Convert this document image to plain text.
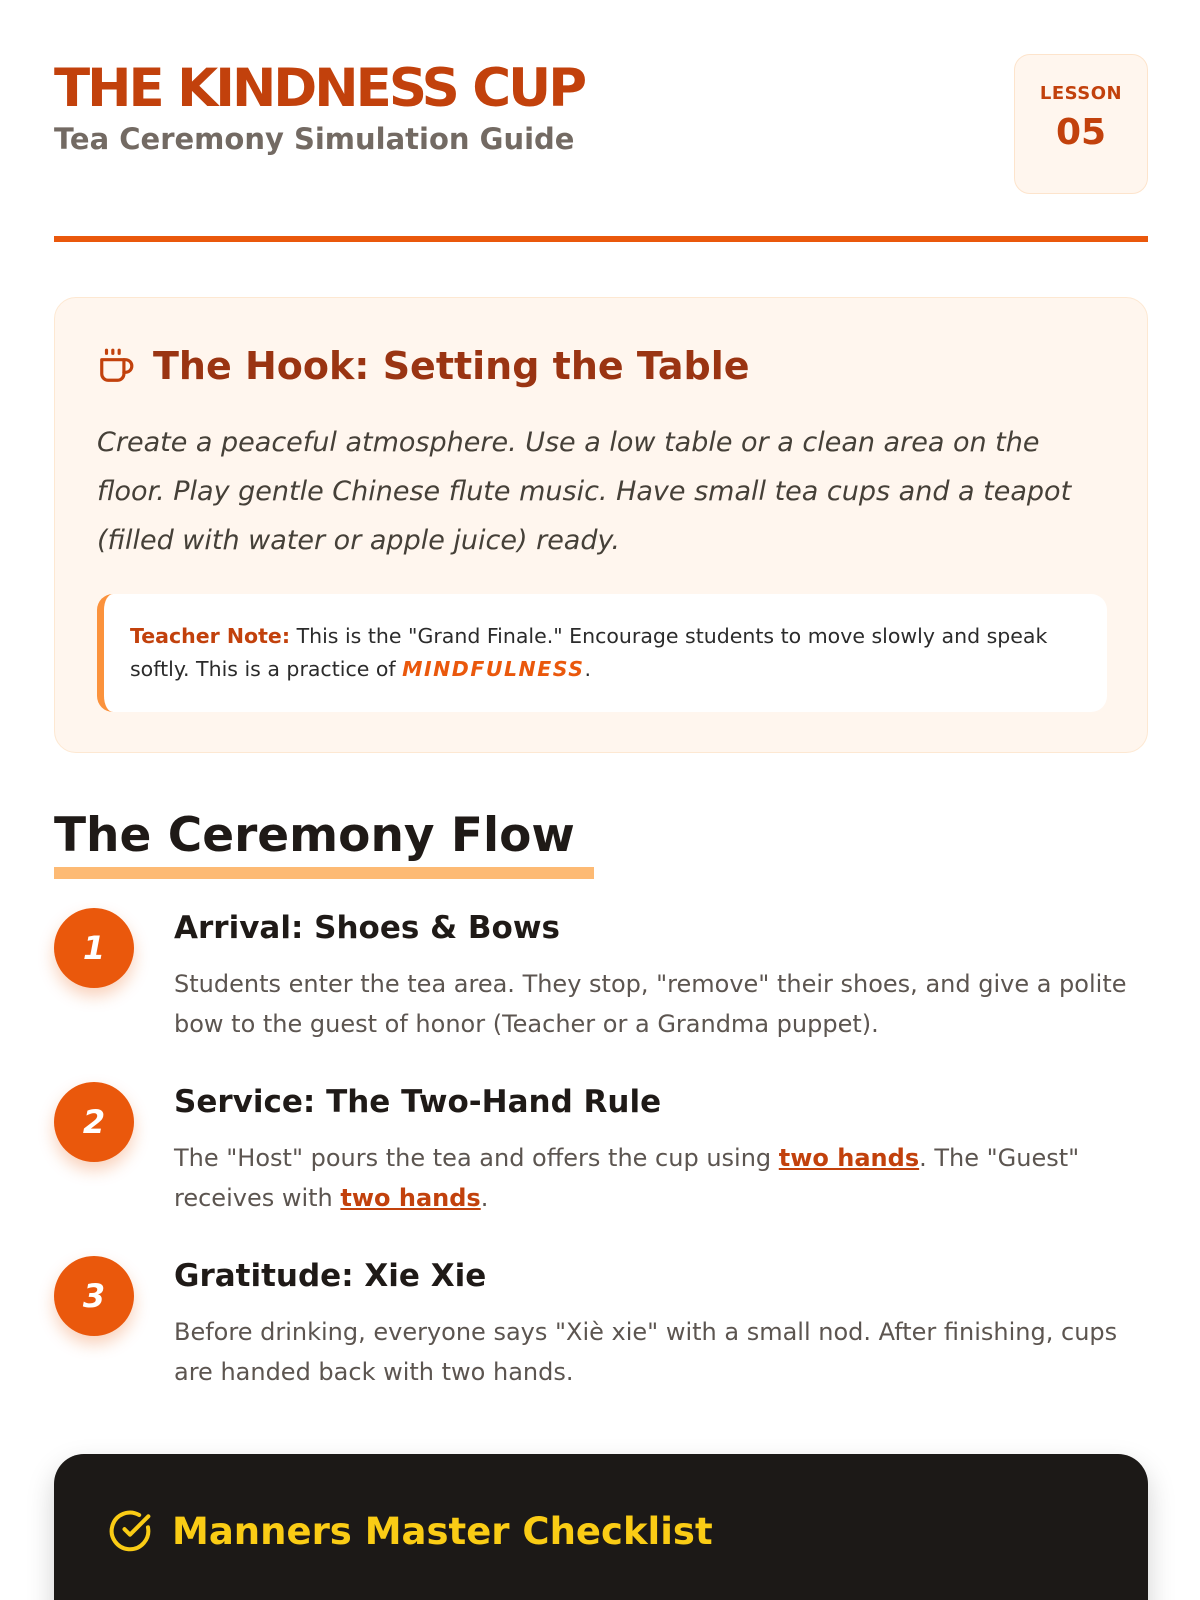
THE KINDNESS CUP
Tea Ceremony Simulation Guide
LESSON
05
The Hook: Setting the Table

Create a peaceful atmosphere. Use a low table or a clean area on the floor. Play gentle Chinese flute music. Have small tea cups and a teapot (filled with water or apple juice) ready.

Teacher Note: This is the "Grand Finale." Encourage students to move slowly and speak softly. This is a practice of MINDFULNESS.
The Ceremony Flow
1
Arrival: Shoes & Bows

Students enter the tea area. They stop, "remove" their shoes, and give a polite bow to the guest of honor (Teacher or a Grandma puppet).

2
Service: The Two-Hand Rule

The "Host" pours the tea and offers the cup using two hands. The "Guest" receives with two hands.

3
Gratitude: Xie Xie

Before drinking, everyone says "Xiè xie" with a small nod. After finishing, cups are handed back with two hands.

Manners Master Checklist
